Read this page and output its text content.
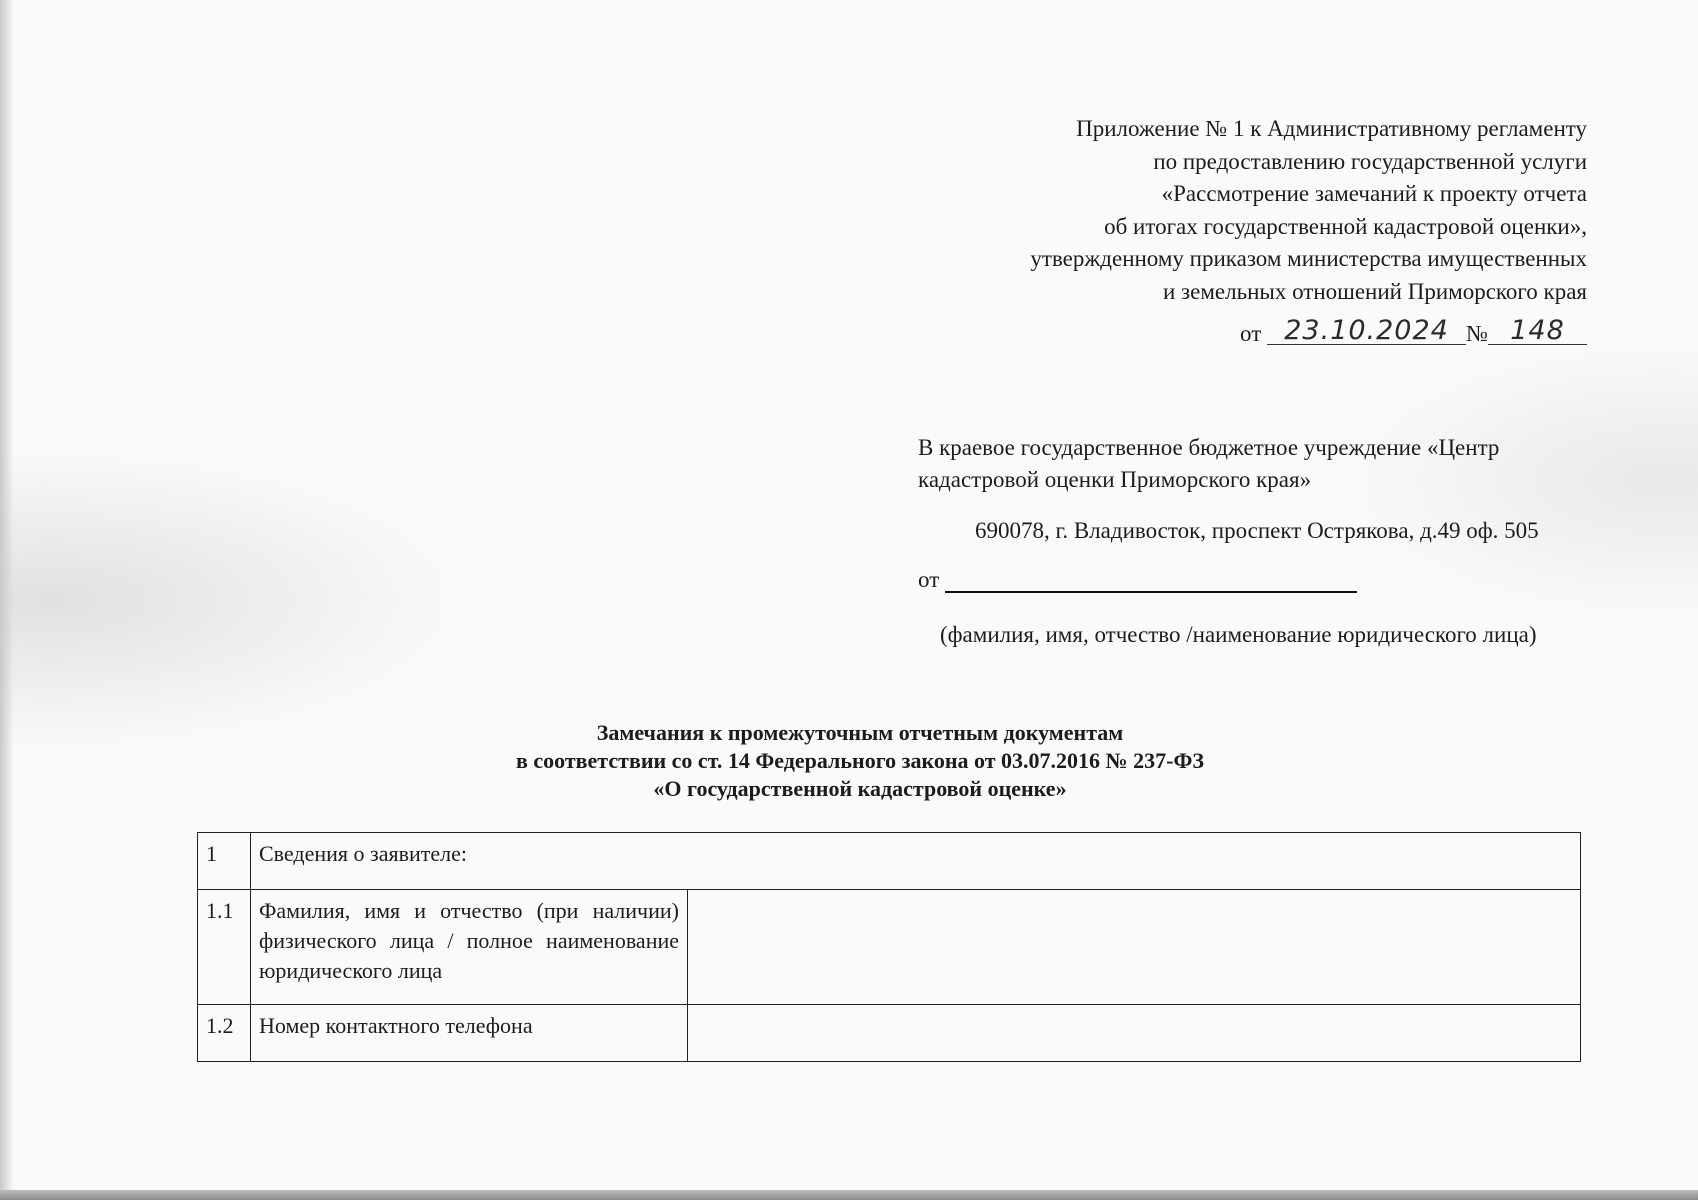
Приложение № 1 к Административному регламенту
по предоставлению государственной услуги
«Рассмотрение замечаний к проекту отчета
об итогах государственной кадастровой оценки»,
утвержденному приказом министерства имущественных
и земельных отношений Приморского края
от
23.10.2024 № 148
В краевое государственное бюджетное учреждение «Центр
кадастровой оценки Приморского края»
690078, г. Владивосток, проспект Острякова, д.49 оф. 505
от
(фамилия, имя, отчество /наименование юридического лица)
Замечания к промежуточным отчетным документам
в соответствии со ст. 14 Федерального закона от 03.07.2016 № 237-ФЗ
«О государственной кадастровой оценке»
1	Сведения о заявителе:	
1.1	Фамилия, имя и отчество (при наличии) физического лица / полное наименование юридического лица	
1.2	Номер контактного телефона	
